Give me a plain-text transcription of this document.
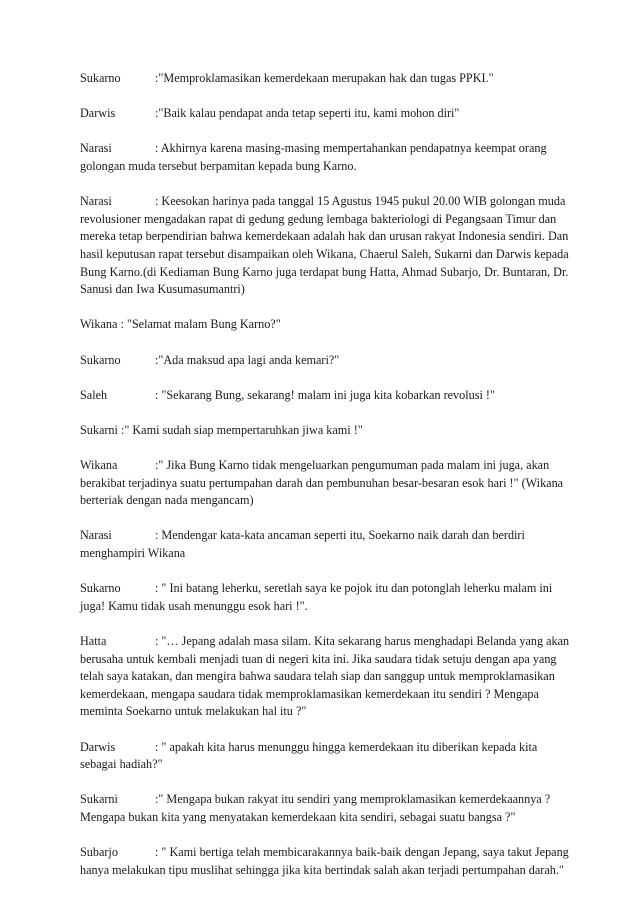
Sukarno	:"Memproklamasikan kemerdekaan merupakan hak dan tugas PPKI."

Darwis	:"Baik kalau pendapat anda tetap seperti itu, kami mohon diri"

Narasi	: Akhirnya karena masing-masing mempertahankan pendapatnya keempat orang golongan muda tersebut berpamitan kepada bung Karno.

Narasi	: Keesokan harinya pada tanggal 15 Agustus 1945 pukul 20.00 WIB golongan muda revolusioner mengadakan rapat di gedung gedung lembaga bakteriologi di Pegangsaan Timur dan mereka tetap berpendirian bahwa kemerdekaan adalah hak dan urusan rakyat Indonesia sendiri. Dan hasil keputusan rapat tersebut disampaikan oleh Wikana, Chaerul Saleh, Sukarni dan Darwis kepada Bung Karno.(di Kediaman Bung Karno juga terdapat bung Hatta, Ahmad Subarjo, Dr. Buntaran, Dr. Sanusi dan Iwa Kusumasumantri)

Wikana : "Selamat malam Bung Karno?"

Sukarno	:"Ada maksud apa lagi anda kemari?"

Saleh	: "Sekarang Bung, sekarang! malam ini juga kita kobarkan revolusi !"

Sukarni :" Kami sudah siap mempertaruhkan jiwa kami !"

Wikana	:" Jika Bung Karno tidak mengeluarkan pengumuman pada malam ini juga, akan berakibat terjadinya suatu pertumpahan darah dan pembunuhan besar-besaran esok hari !" (Wikana berteriak dengan nada mengancam)

Narasi	: Mendengar kata-kata ancaman seperti itu, Soekarno naik darah dan berdiri menghampiri Wikana

Sukarno	: " Ini batang leherku, seretlah saya ke pojok itu dan potonglah leherku malam ini juga! Kamu tidak usah menunggu esok hari !".

Hatta	: "… Jepang adalah masa silam. Kita sekarang harus menghadapi Belanda yang akan berusaha untuk kembali menjadi tuan di negeri kita ini. Jika saudara tidak setuju dengan apa yang telah saya katakan, dan mengira bahwa saudara telah siap dan sanggup untuk memproklamasikan kemerdekaan, mengapa saudara tidak memproklamasikan kemerdekaan itu sendiri ? Mengapa meminta Soekarno untuk melakukan hal itu ?"

Darwis	: " apakah kita harus menunggu hingga kemerdekaan itu diberikan kepada kita sebagai hadiah?"

Sukarni	:" Mengapa bukan rakyat itu sendiri yang memproklamasikan kemerdekaannya ? Mengapa bukan kita yang menyatakan kemerdekaan kita sendiri, sebagai suatu bangsa ?"

Subarjo	: " Kami bertiga telah membicarakannya baik-baik dengan Jepang, saya takut Jepang hanya melakukan tipu muslihat sehingga jika kita bertindak salah akan terjadi pertumpahan darah."
